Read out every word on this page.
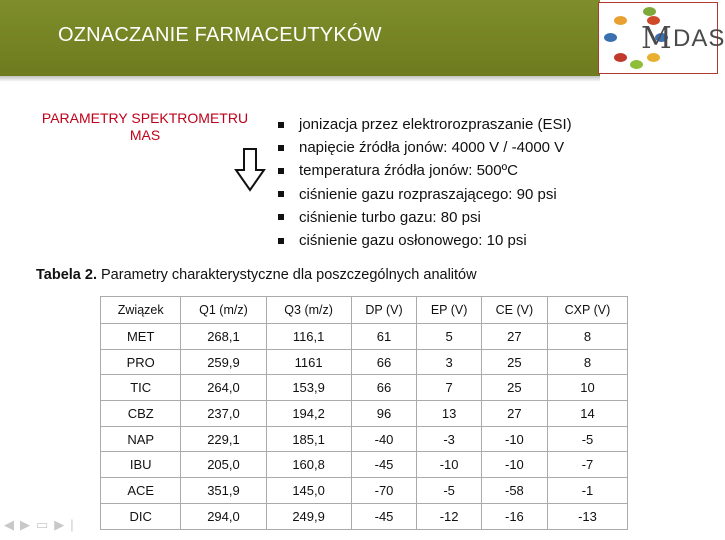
OZNACZANIE FARMACEUTYKÓW	M DAS
PARAMETRY SPEKTROMETRU MAS
jonizacja przez elektrorozpraszanie (ESI)
napięcie źródła jonów: 4000 V / -4000 V
temperatura źródła jonów: 500ºC
ciśnienie gazu rozpraszającego: 90 psi
ciśnienie turbo gazu: 80 psi
ciśnienie gazu osłonowego: 10 psi
Tabela 2. Parametry charakterystyczne dla poszczególnych analitów
Związek	Q1 (m/z)	Q3 (m/z)	DP (V)	EP (V)	CE (V)	CXP (V)
MET	268,1	116,1	61	5	27	8
PRO	259,9	1161	66	3	25	8
TIC	264,0	153,9	66	7	25	10
CBZ	237,0	194,2	96	13	27	14
NAP	229,1	185,1	-40	-3	-10	-5
IBU	205,0	160,8	-45	-10	-10	-7
ACE	351,9	145,0	-70	-5	-58	-1
DIC	294,0	249,9	-45	-12	-16	-13
◀▶▭▶|
